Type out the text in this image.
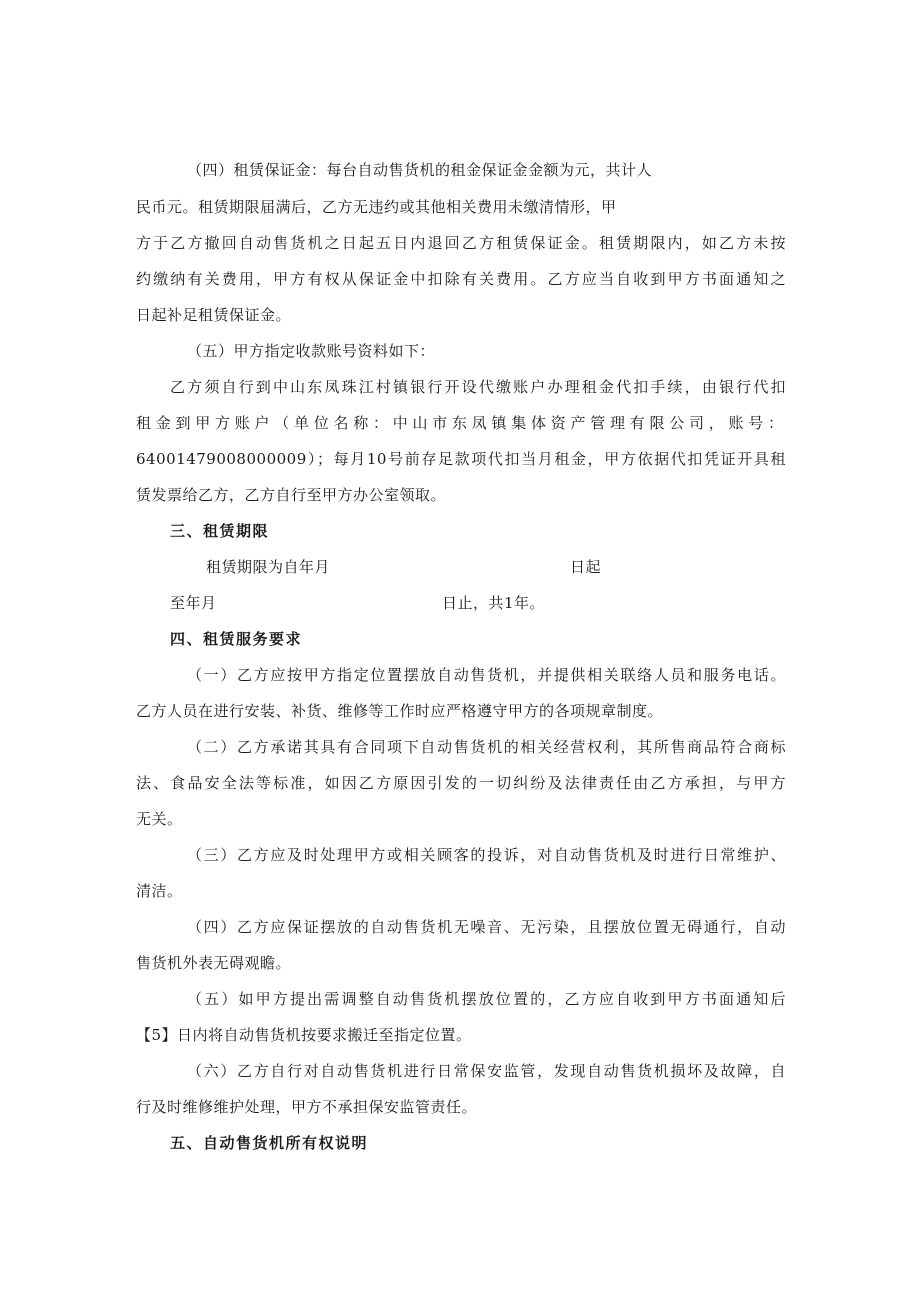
（四）租赁保证金：每台自动售货机的租金保证金金额为元，共计人
民币元。租赁期限届满后，乙方无违约或其他相关费用未缴清情形，甲
方于乙方撤回自动售货机之日起五日内退回乙方租赁保证金。租赁期限内，如乙方未按
约缴纳有关费用，甲方有权从保证金中扣除有关费用。乙方应当自收到甲方书面通知之
日起补足租赁保证金。
（五）甲方指定收款账号资料如下：
乙方须自行到中山东凤珠江村镇银行开设代缴账户办理租金代扣手续，由银行代扣
租金到甲方账户（单位名称：中山市东凤镇集体资产管理有限公司，账号：
64001479008000009）；每月10号前存足款项代扣当月租金，甲方依据代扣凭证开具租
赁发票给乙方，乙方自行至甲方办公室领取。
三、租赁期限
租赁期限为自年月	日起
至年月	日止，共1年。
四、租赁服务要求
（一）乙方应按甲方指定位置摆放自动售货机，并提供相关联络人员和服务电话。
乙方人员在进行安装、补货、维修等工作时应严格遵守甲方的各项规章制度。
（二）乙方承诺其具有合同项下自动售货机的相关经营权利，其所售商品符合商标
法、食品安全法等标准，如因乙方原因引发的一切纠纷及法律责任由乙方承担，与甲方
无关。
（三）乙方应及时处理甲方或相关顾客的投诉，对自动售货机及时进行日常维护、
清洁。
（四）乙方应保证摆放的自动售货机无噪音、无污染，且摆放位置无碍通行，自动
售货机外表无碍观瞻。
（五）如甲方提出需调整自动售货机摆放位置的，乙方应自收到甲方书面通知后
【5】日内将自动售货机按要求搬迁至指定位置。
（六）乙方自行对自动售货机进行日常保安监管，发现自动售货机损坏及故障，自
行及时维修维护处理，甲方不承担保安监管责任。
五、自动售货机所有权说明
